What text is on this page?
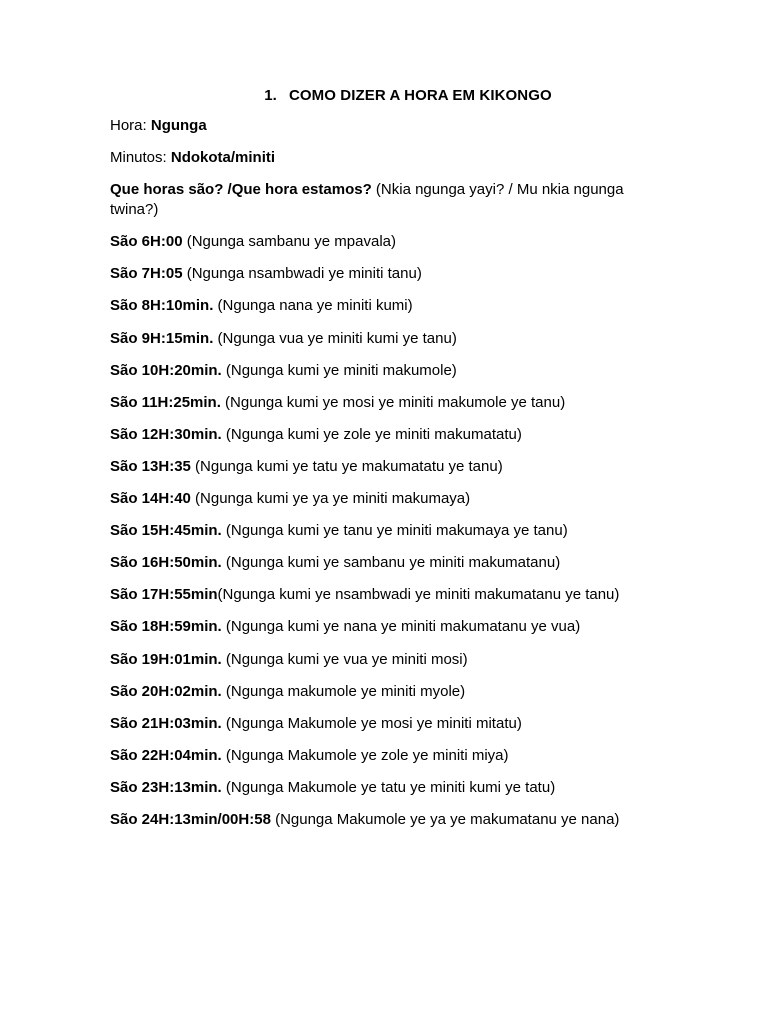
1. COMO DIZER A HORA EM KIKONGO
Hora: Ngunga
Minutos: Ndokota/miniti
Que horas são? /Que hora estamos? (Nkia ngunga yayi? / Mu nkia ngunga twina?)
São 6H:00 (Ngunga sambanu ye mpavala)
São 7H:05 (Ngunga nsambwadi ye miniti tanu)
São 8H:10min. (Ngunga nana ye miniti kumi)
São 9H:15min. (Ngunga vua ye miniti kumi ye tanu)
São 10H:20min. (Ngunga kumi ye miniti makumole)
São 11H:25min. (Ngunga kumi ye mosi ye miniti makumole ye tanu)
São 12H:30min. (Ngunga kumi ye zole ye miniti makumatatu)
São 13H:35 (Ngunga kumi ye tatu ye makumatatu ye tanu)
São 14H:40 (Ngunga kumi ye ya ye miniti makumaya)
São 15H:45min. (Ngunga kumi ye tanu ye miniti makumaya ye tanu)
São 16H:50min. (Ngunga kumi ye sambanu ye miniti makumatanu)
São 17H:55min(Ngunga kumi ye nsambwadi ye miniti makumatanu ye tanu)
São 18H:59min. (Ngunga kumi ye nana ye miniti makumatanu ye vua)
São 19H:01min. (Ngunga kumi ye vua ye miniti mosi)
São 20H:02min. (Ngunga makumole ye miniti myole)
São 21H:03min. (Ngunga Makumole ye mosi ye miniti mitatu)
São 22H:04min. (Ngunga Makumole ye zole ye miniti miya)
São 23H:13min. (Ngunga Makumole ye tatu ye miniti kumi ye tatu)
São 24H:13min/00H:58 (Ngunga Makumole ye ya ye makumatanu ye nana)
